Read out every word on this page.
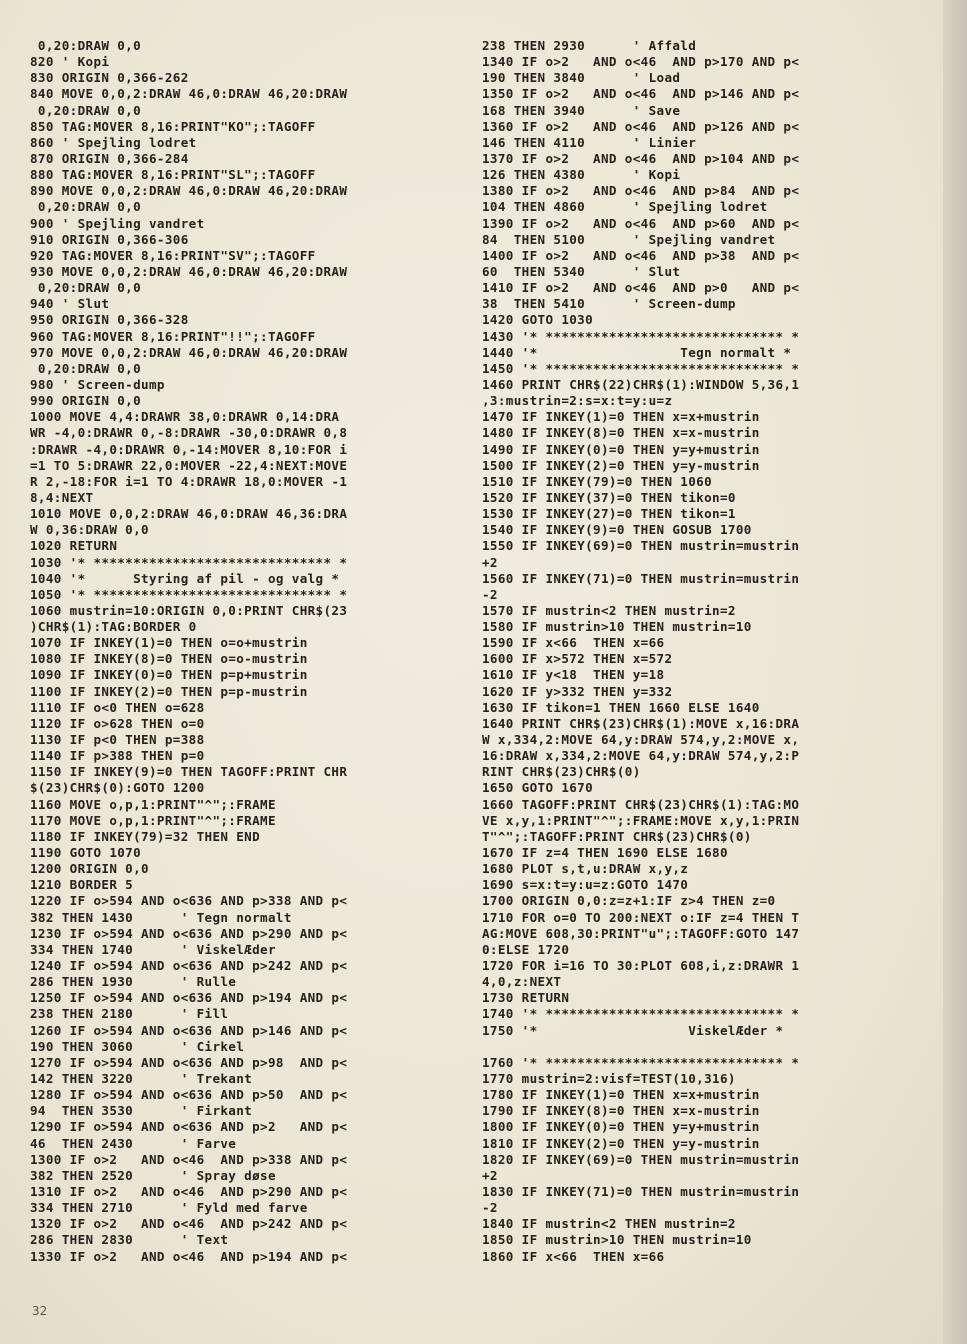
0,20:DRAW 0,0
820 ' Kopi
830 ORIGIN 0,366-262
840 MOVE 0,0,2:DRAW 46,0:DRAW 46,20:DRAW
0,20:DRAW 0,0
850 TAG:MOVER 8,16:PRINT"KO";:TAGOFF
860 ' Spejling lodret
870 ORIGIN 0,366-284
880 TAG:MOVER 8,16:PRINT"SL";:TAGOFF
890 MOVE 0,0,2:DRAW 46,0:DRAW 46,20:DRAW
0,20:DRAW 0,0
900 ' Spejling vandret
910 ORIGIN 0,366-306
920 TAG:MOVER 8,16:PRINT"SV";:TAGOFF
930 MOVE 0,0,2:DRAW 46,0:DRAW 46,20:DRAW
0,20:DRAW 0,0
940 ' Slut
950 ORIGIN 0,366-328
960 TAG:MOVER 8,16:PRINT"!!";:TAGOFF
970 MOVE 0,0,2:DRAW 46,0:DRAW 46,20:DRAW
0,20:DRAW 0,0
980 ' Screen-dump
990 ORIGIN 0,0
1000 MOVE 4,4:DRAWR 38,0:DRAWR 0,14:DRA
WR -4,0:DRAWR 0,-8:DRAWR -30,0:DRAWR 0,8
:DRAWR -4,0:DRAWR 0,-14:MOVER 8,10:FOR i
=1 TO 5:DRAWR 22,0:MOVER -22,4:NEXT:MOVE
R 2,-18:FOR i=1 TO 4:DRAWR 18,0:MOVER -1
8,4:NEXT
1010 MOVE 0,0,2:DRAW 46,0:DRAW 46,36:DRA
W 0,36:DRAW 0,0
1020 RETURN
1030 '* ****************************** *
1040 '*      Styring af pil - og valg *
1050 '* ****************************** *
1060 mustrin=10:ORIGIN 0,0:PRINT CHR$(23
)CHR$(1):TAG:BORDER 0
1070 IF INKEY(1)=0 THEN o=o+mustrin
1080 IF INKEY(8)=0 THEN o=o-mustrin
1090 IF INKEY(0)=0 THEN p=p+mustrin
1100 IF INKEY(2)=0 THEN p=p-mustrin
1110 IF o<0 THEN o=628
1120 IF o>628 THEN o=0
1130 IF p<0 THEN p=388
1140 IF p>388 THEN p=0
1150 IF INKEY(9)=0 THEN TAGOFF:PRINT CHR
$(23)CHR$(0):GOTO 1200
1160 MOVE o,p,1:PRINT"^";:FRAME
1170 MOVE o,p,1:PRINT"^";:FRAME
1180 IF INKEY(79)=32 THEN END
1190 GOTO 1070
1200 ORIGIN 0,0
1210 BORDER 5
1220 IF o>594 AND o<636 AND p>338 AND p<
382 THEN 1430      ' Tegn normalt
1230 IF o>594 AND o<636 AND p>290 AND p<
334 THEN 1740      ' ViskelÆder
1240 IF o>594 AND o<636 AND p>242 AND p<
286 THEN 1930      ' Rulle
1250 IF o>594 AND o<636 AND p>194 AND p<
238 THEN 2180      ' Fill
1260 IF o>594 AND o<636 AND p>146 AND p<
190 THEN 3060      ' Cirkel
1270 IF o>594 AND o<636 AND p>98  AND p<
142 THEN 3220      ' Trekant
1280 IF o>594 AND o<636 AND p>50  AND p<
94  THEN 3530      ' Firkant
1290 IF o>594 AND o<636 AND p>2   AND p<
46  THEN 2430      ' Farve
1300 IF o>2   AND o<46  AND p>338 AND p<
382 THEN 2520      ' Spray døse
1310 IF o>2   AND o<46  AND p>290 AND p<
334 THEN 2710      ' Fyld med farve
1320 IF o>2   AND o<46  AND p>242 AND p<
286 THEN 2830      ' Text
1330 IF o>2   AND o<46  AND p>194 AND p<
238 THEN 2930      ' Affald
1340 IF o>2   AND o<46  AND p>170 AND p<
190 THEN 3840      ' Load
1350 IF o>2   AND o<46  AND p>146 AND p<
168 THEN 3940      ' Save
1360 IF o>2   AND o<46  AND p>126 AND p<
146 THEN 4110      ' Linier
1370 IF o>2   AND o<46  AND p>104 AND p<
126 THEN 4380      ' Kopi
1380 IF o>2   AND o<46  AND p>84  AND p<
104 THEN 4860      ' Spejling lodret
1390 IF o>2   AND o<46  AND p>60  AND p<
84  THEN 5100      ' Spejling vandret
1400 IF o>2   AND o<46  AND p>38  AND p<
60  THEN 5340      ' Slut
1410 IF o>2   AND o<46  AND p>0   AND p<
38  THEN 5410      ' Screen-dump
1420 GOTO 1030
1430 '* ****************************** *
1440 '*                  Tegn normalt *
1450 '* ****************************** *
1460 PRINT CHR$(22)CHR$(1):WINDOW 5,36,1
,3:mustrin=2:s=x:t=y:u=z
1470 IF INKEY(1)=0 THEN x=x+mustrin
1480 IF INKEY(8)=0 THEN x=x-mustrin
1490 IF INKEY(0)=0 THEN y=y+mustrin
1500 IF INKEY(2)=0 THEN y=y-mustrin
1510 IF INKEY(79)=0 THEN 1060
1520 IF INKEY(37)=0 THEN tikon=0
1530 IF INKEY(27)=0 THEN tikon=1
1540 IF INKEY(9)=0 THEN GOSUB 1700
1550 IF INKEY(69)=0 THEN mustrin=mustrin
+2
1560 IF INKEY(71)=0 THEN mustrin=mustrin
-2
1570 IF mustrin<2 THEN mustrin=2
1580 IF mustrin>10 THEN mustrin=10
1590 IF x<66  THEN x=66
1600 IF x>572 THEN x=572
1610 IF y<18  THEN y=18
1620 IF y>332 THEN y=332
1630 IF tikon=1 THEN 1660 ELSE 1640
1640 PRINT CHR$(23)CHR$(1):MOVE x,16:DRA
W x,334,2:MOVE 64,y:DRAW 574,y,2:MOVE x,
16:DRAW x,334,2:MOVE 64,y:DRAW 574,y,2:P
RINT CHR$(23)CHR$(0)
1650 GOTO 1670
1660 TAGOFF:PRINT CHR$(23)CHR$(1):TAG:MO
VE x,y,1:PRINT"^";:FRAME:MOVE x,y,1:PRIN
T"^";:TAGOFF:PRINT CHR$(23)CHR$(0)
1670 IF z=4 THEN 1690 ELSE 1680
1680 PLOT s,t,u:DRAW x,y,z
1690 s=x:t=y:u=z:GOTO 1470
1700 ORIGIN 0,0:z=z+1:IF z>4 THEN z=0
1710 FOR o=0 TO 200:NEXT o:IF z=4 THEN T
AG:MOVE 608,30:PRINT"u";:TAGOFF:GOTO 147
0:ELSE 1720
1720 FOR i=16 TO 30:PLOT 608,i,z:DRAWR 1
4,0,z:NEXT
1730 RETURN
1740 '* ****************************** *
1750 '*                   ViskelÆder *
1760 '* ****************************** *
1770 mustrin=2:visf=TEST(10,316)
1780 IF INKEY(1)=0 THEN x=x+mustrin
1790 IF INKEY(8)=0 THEN x=x-mustrin
1800 IF INKEY(0)=0 THEN y=y+mustrin
1810 IF INKEY(2)=0 THEN y=y-mustrin
1820 IF INKEY(69)=0 THEN mustrin=mustrin
+2
1830 IF INKEY(71)=0 THEN mustrin=mustrin
-2
1840 IF mustrin<2 THEN mustrin=2
1850 IF mustrin>10 THEN mustrin=10
1860 IF x<66  THEN x=66
32
